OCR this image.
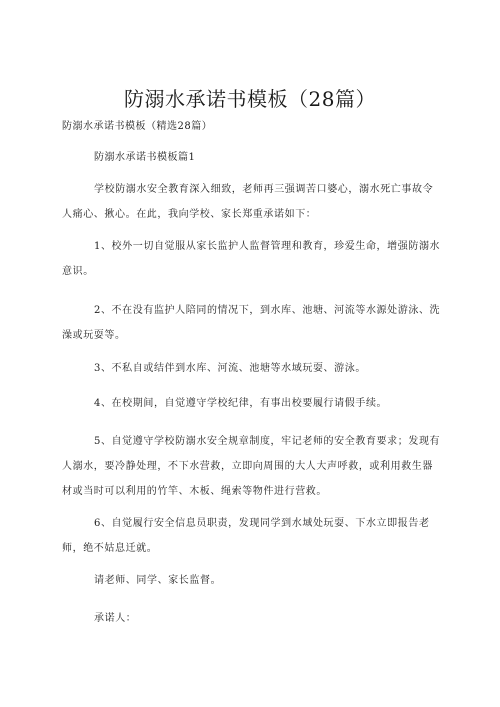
防溺水承诺书模板（28篇）
防溺水承诺书模板（精选28篇）
防溺水承诺书模板篇1

学校防溺水安全教育深入细致，老师再三强调苦口婆心，溺水死亡事故令人痛心、揪心。在此，我向学校、家长郑重承诺如下：

1、校外一切自觉服从家长监护人监督管理和教育，珍爱生命，增强防溺水意识。

2、不在没有监护人陪同的情况下，到水库、池塘、河流等水源处游泳、洗澡或玩耍等。

3、不私自或结伴到水库、河流、池塘等水域玩耍、游泳。

4、在校期间，自觉遵守学校纪律，有事出校要履行请假手续。

5、自觉遵守学校防溺水安全规章制度，牢记老师的安全教育要求；发现有人溺水，要冷静处理，不下水营救，立即向周围的大人大声呼救，或利用救生器材或当时可以利用的竹竿、木板、绳索等物件进行营救。

6、自觉履行安全信息员职责，发现同学到水域处玩耍、下水立即报告老师，绝不姑息迁就。

请老师、同学、家长监督。

承诺人：
